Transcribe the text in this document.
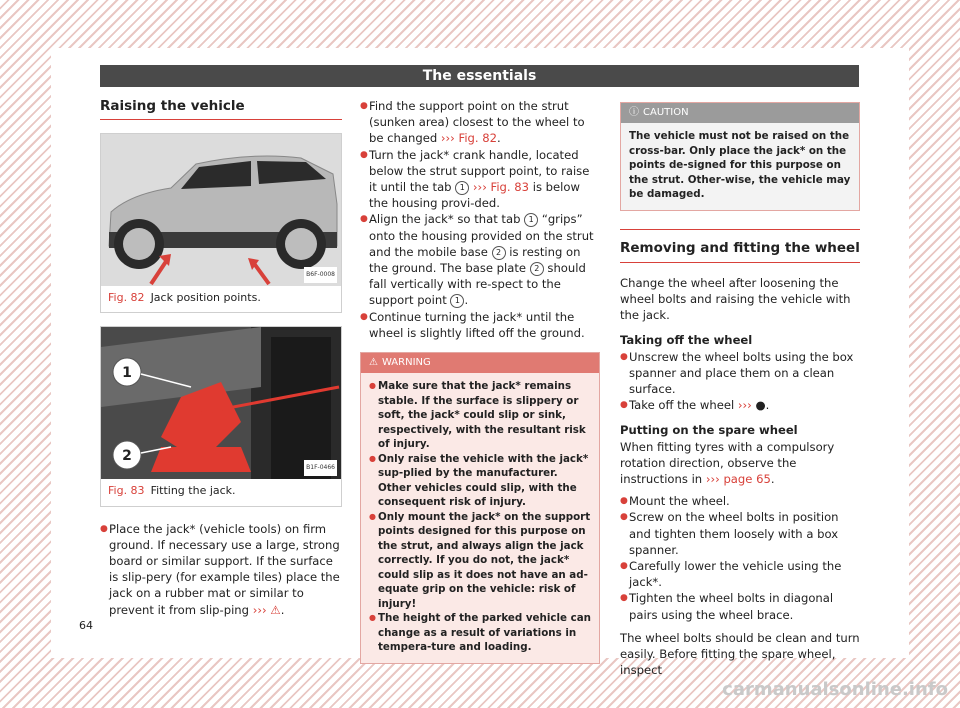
The essentials
Raising the vehicle
B6F-0008
Fig. 82 Jack position points.
1
2
B1F-0466
Fig. 83 Fitting the jack.

● Place the jack* (vehicle tools) on firm ground. If necessary use a large, strong board or similar support. If the surface is slip-pery (for example tiles) place the jack on a rubber mat or similar to prevent it from slip-ping ››› ⚠.

● Find the support point on the strut (sunken area) closest to the wheel to be changed ››› Fig. 82.

● Turn the jack* crank handle, located below the strut support point, to raise it until the tab 1 ››› Fig. 83 is below the housing provi-ded.

● Align the jack* so that tab 1 “grips” onto the housing provided on the strut and the mobile base 2 is resting on the ground. The base plate 2 should fall vertically with re-spect to the support point 1 .

● Continue turning the jack* until the wheel is slightly lifted off the ground.

⚠ WARNING

● Make sure that the jack* remains stable. If the surface is slippery or soft, the jack* could slip or sink, respectively, with the resultant risk of injury.

● Only raise the vehicle with the jack* sup-plied by the manufacturer. Other vehicles could slip, with the consequent risk of injury.

● Only mount the jack* on the support points designed for this purpose on the strut, and always align the jack correctly. If you do not, the jack* could slip as it does not have an ad-equate grip on the vehicle: risk of injury!

● The height of the parked vehicle can change as a result of variations in tempera-ture and loading.

ⓘ CAUTION
The vehicle must not be raised on the cross-bar. Only place the jack* on the points de-signed for this purpose on the strut. Other-wise, the vehicle may be damaged.
Removing and fitting the wheel

Change the wheel after loosening the wheel bolts and raising the vehicle with the jack.

Taking off the wheel

● Unscrew the wheel bolts using the box spanner and place them on a clean surface.

● Take off the wheel ››› ●.

Putting on the spare wheel

When fitting tyres with a compulsory rotation direction, observe the instructions in ››› page 65.

● Mount the wheel.

● Screw on the wheel bolts in position and tighten them loosely with a box spanner.

● Carefully lower the vehicle using the jack*.

● Tighten the wheel bolts in diagonal pairs using the wheel brace.

The wheel bolts should be clean and turn easily. Before fitting the spare wheel, inspect

64
carmanualsonline.info
